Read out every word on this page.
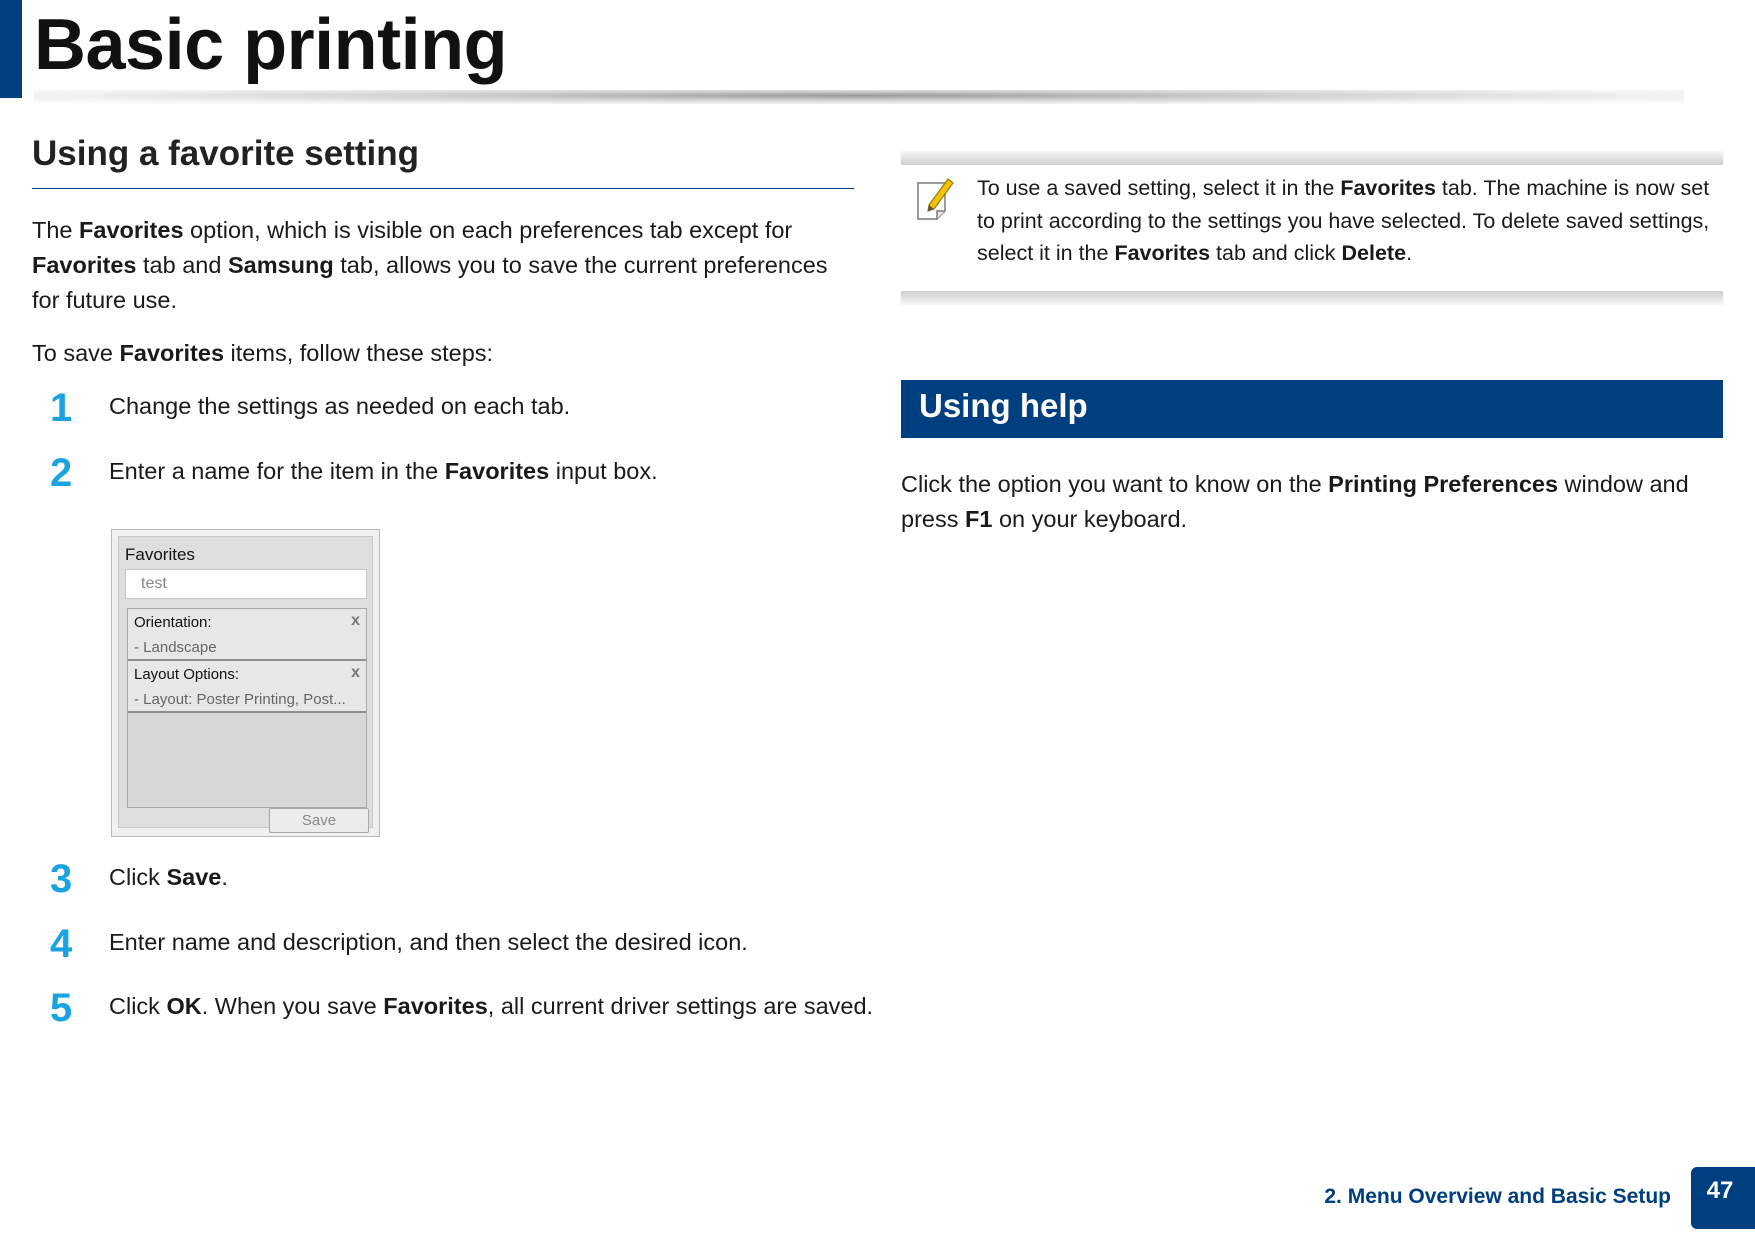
Basic printing
Using a favorite setting

The Favorites option, which is visible on each preferences tab except for Favorites tab and Samsung tab, allows you to save the current preferences for future use.

To save Favorites items, follow these steps:

1 Change the settings as needed on each tab.
2 Enter a name for the item in the Favorites input box.
3 Click Save.
4 Enter name and description, and then select the desired icon.
5 Click OK. When you save Favorites, all current driver settings are saved.
Favorites
test
Orientation:	x
- Landscape
Layout Options:	x
- Layout: Poster Printing, Post...
Save
To use a saved setting, select it in the Favorites tab. The machine is now set to print according to the settings you have selected. To delete saved settings, select it in the Favorites tab and click Delete.
Using help

Click the option you want to know on the Printing Preferences window and press F1 on your keyboard.

2. Menu Overview and Basic Setup	47
